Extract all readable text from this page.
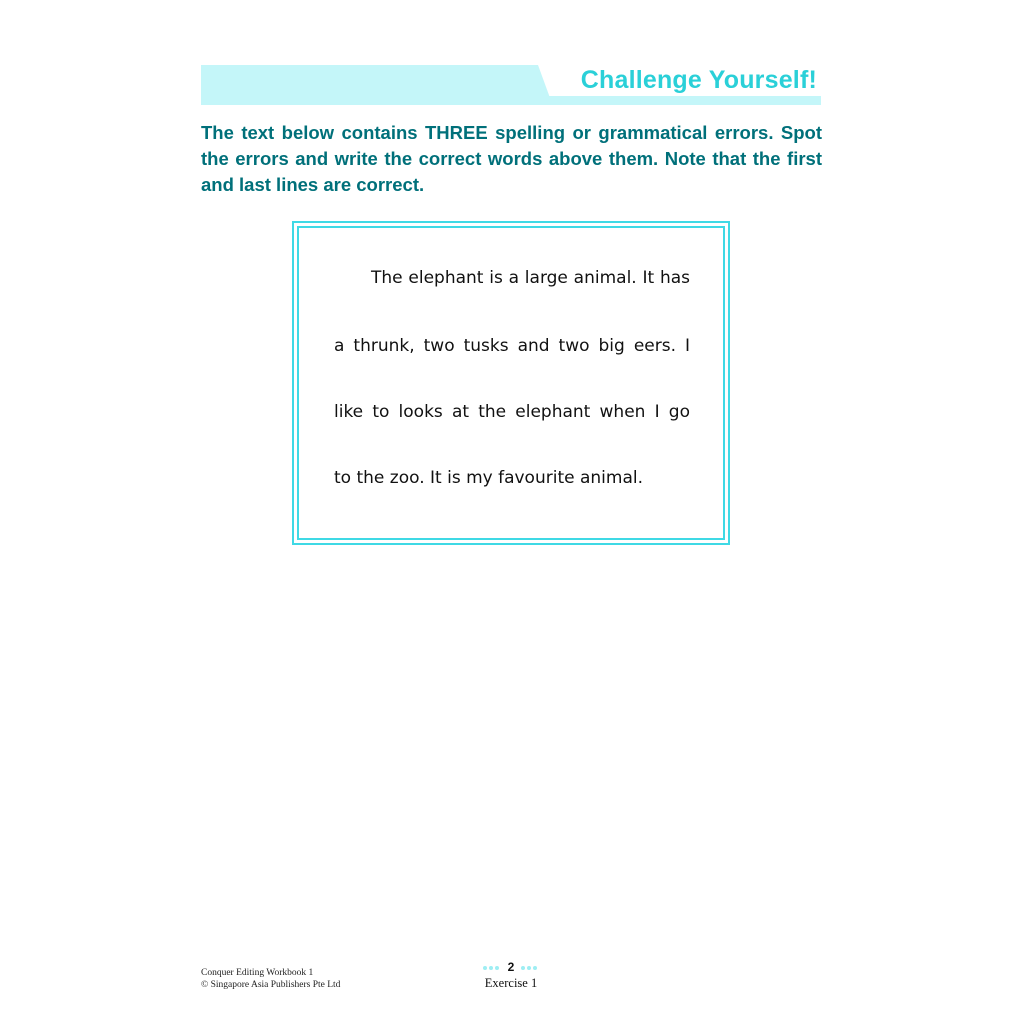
Challenge Yourself!

The text below contains THREE spelling or grammatical errors. Spot the errors and write the correct words above them. Note that the first and last lines are correct.

The elephant is a large animal. It has

a thrunk, two tusks and two big eers. I

like to looks at the elephant when I go

to the zoo. It is my favourite animal.

Conquer Editing Workbook 1
© Singapore Asia Publishers Pte Ltd
2
Exercise 1
